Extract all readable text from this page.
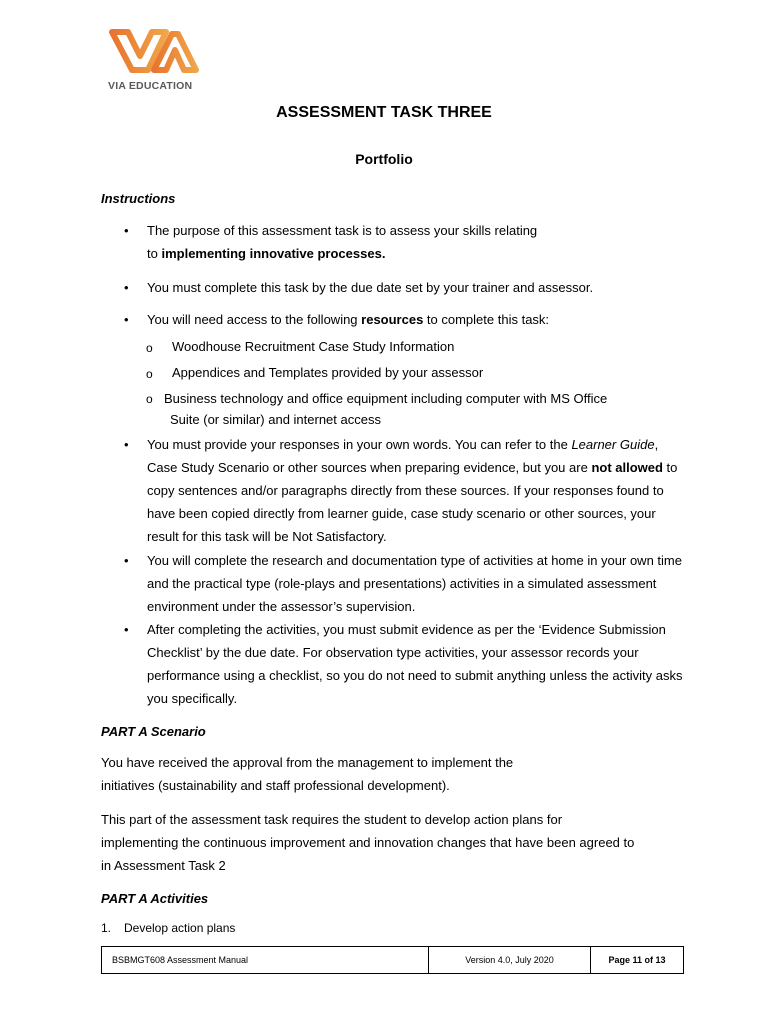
VIA EDUCATION
ASSESSMENT TASK THREE
Portfolio
Instructions
• The purpose of this assessment task is to assess your skills relating

to implementing innovative processes.

• You must complete this task by the due date set by your trainer and assessor.
• You will need access to the following resources to complete this task:
o Woodhouse Recruitment Case Study Information
o Appendices and Templates provided by your assessor
o Business technology and office equipment including computer with MS Office

Suite (or similar) and internet access

• You must provide your responses in your own words. You can refer to the Learner Guide, Case Study Scenario or other sources when preparing evidence, but you are not allowed to copy sentences and/or paragraphs directly from these sources. If your responses found to have been copied directly from learner guide, case study scenario or other sources, your result for this task will be Not Satisfactory.
• You will complete the research and documentation type of activities at home in your own time and the practical type (role-plays and presentations) activities in a simulated assessment environment under the assessor’s supervision.
• After completing the activities, you must submit evidence as per the ‘Evidence Submission Checklist’ by the due date. For observation type activities, your assessor records your performance using a checklist, so you do not need to submit anything unless the activity asks you specifically.
PART A Scenario

You have received the approval from the management to implement the

initiatives (sustainability and staff professional development).

This part of the assessment task requires the student to develop action plans for implementing the continuous improvement and innovation changes that have been agreed to in Assessment Task 2
PART A Activities
1. Develop action plans
BSBMGT608 Assessment Manual	Version 4.0, July 2020	Page 11 of 13
